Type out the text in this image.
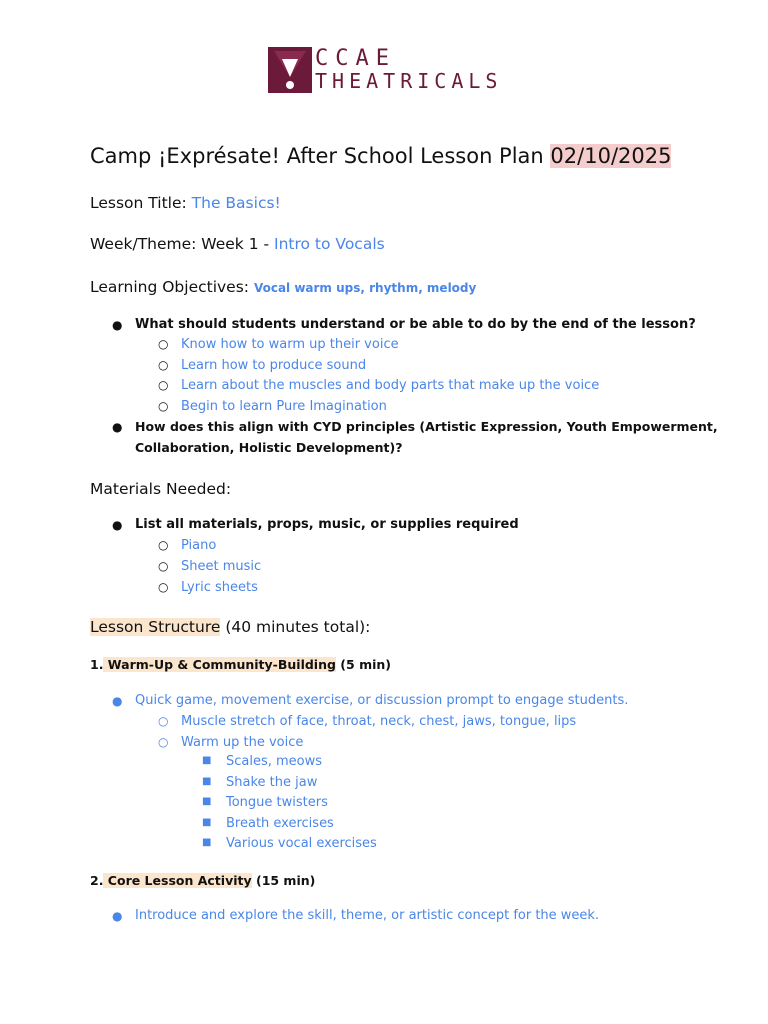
CCAE
THEATRICALS
Camp ¡Exprésate! After School Lesson Plan 02/10/2025
Lesson Title: The Basics!
Week/Theme: Week 1 - Intro to Vocals
Learning Objectives: Vocal warm ups, rhythm, melody
● What should students understand or be able to do by the end of the lesson?
○ Know how to warm up their voice
○ Learn how to produce sound
○ Learn about the muscles and body parts that make up the voice
○ Begin to learn Pure Imagination
● How does this align with CYD principles (Artistic Expression, Youth Empowerment,
Collaboration, Holistic Development)?
Materials Needed:
● List all materials, props, music, or supplies required
○ Piano
○ Sheet music
○ Lyric sheets
Lesson Structure (40 minutes total):
1. Warm-Up & Community-Building (5 min)
● Quick game, movement exercise, or discussion prompt to engage students.
○ Muscle stretch of face, throat, neck, chest, jaws, tongue, lips
○ Warm up the voice
■ Scales, meows
■ Shake the jaw
■ Tongue twisters
■ Breath exercises
■ Various vocal exercises
2. Core Lesson Activity (15 min)
● Introduce and explore the skill, theme, or artistic concept for the week.
